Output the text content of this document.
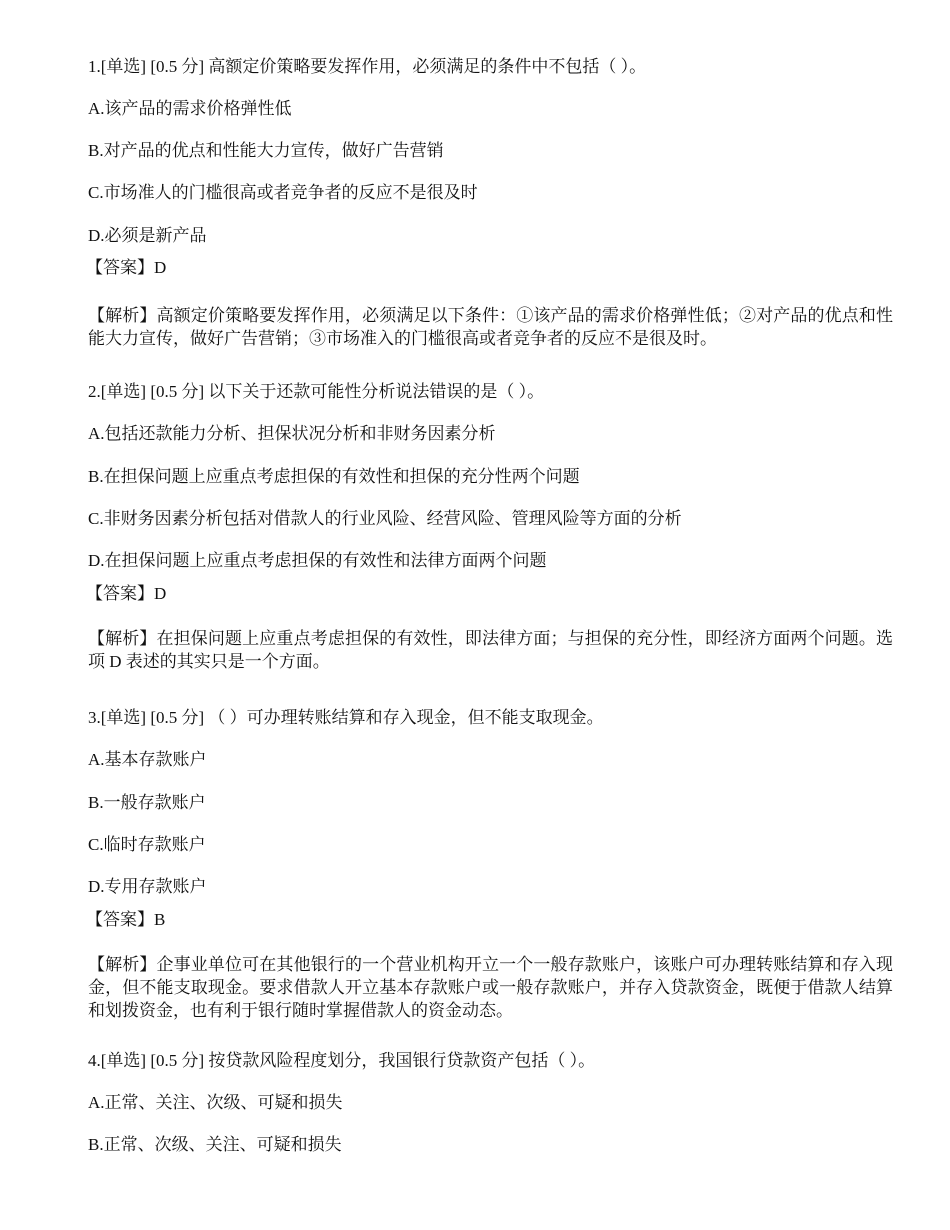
1.[单选] [0.5 分] 高额定价策略要发挥作用，必须满足的条件中不包括（ ）。
A.该产品的需求价格弹性低
B.对产品的优点和性能大力宣传，做好广告营销
C.市场准人的门槛很高或者竞争者的反应不是很及时
D.必须是新产品
【答案】D
【解析】高额定价策略要发挥作用，必须满足以下条件：①该产品的需求价格弹性低；②对产品的优点和性能大力宣传，做好广告营销；③市场准入的门槛很高或者竞争者的反应不是很及时。
2.[单选] [0.5 分] 以下关于还款可能性分析说法错误的是（ ）。
A.包括还款能力分析、担保状况分析和非财务因素分析
B.在担保问题上应重点考虑担保的有效性和担保的充分性两个问题
C.非财务因素分析包括对借款人的行业风险、经营风险、管理风险等方面的分析
D.在担保问题上应重点考虑担保的有效性和法律方面两个问题
【答案】D
【解析】在担保问题上应重点考虑担保的有效性，即法律方面；与担保的充分性，即经济方面两个问题。选项 D 表述的其实只是一个方面。
3.[单选] [0.5 分] （ ）可办理转账结算和存入现金，但不能支取现金。
A.基本存款账户
B.一般存款账户
C.临时存款账户
D.专用存款账户
【答案】B
【解析】企事业单位可在其他银行的一个营业机构开立一个一般存款账户，该账户可办理转账结算和存入现金，但不能支取现金。要求借款人开立基本存款账户或一般存款账户，并存入贷款资金，既便于借款人结算和划拨资金，也有利于银行随时掌握借款人的资金动态。
4.[单选] [0.5 分] 按贷款风险程度划分，我国银行贷款资产包括（ ）。
A.正常、关注、次级、可疑和损失
B.正常、次级、关注、可疑和损失
